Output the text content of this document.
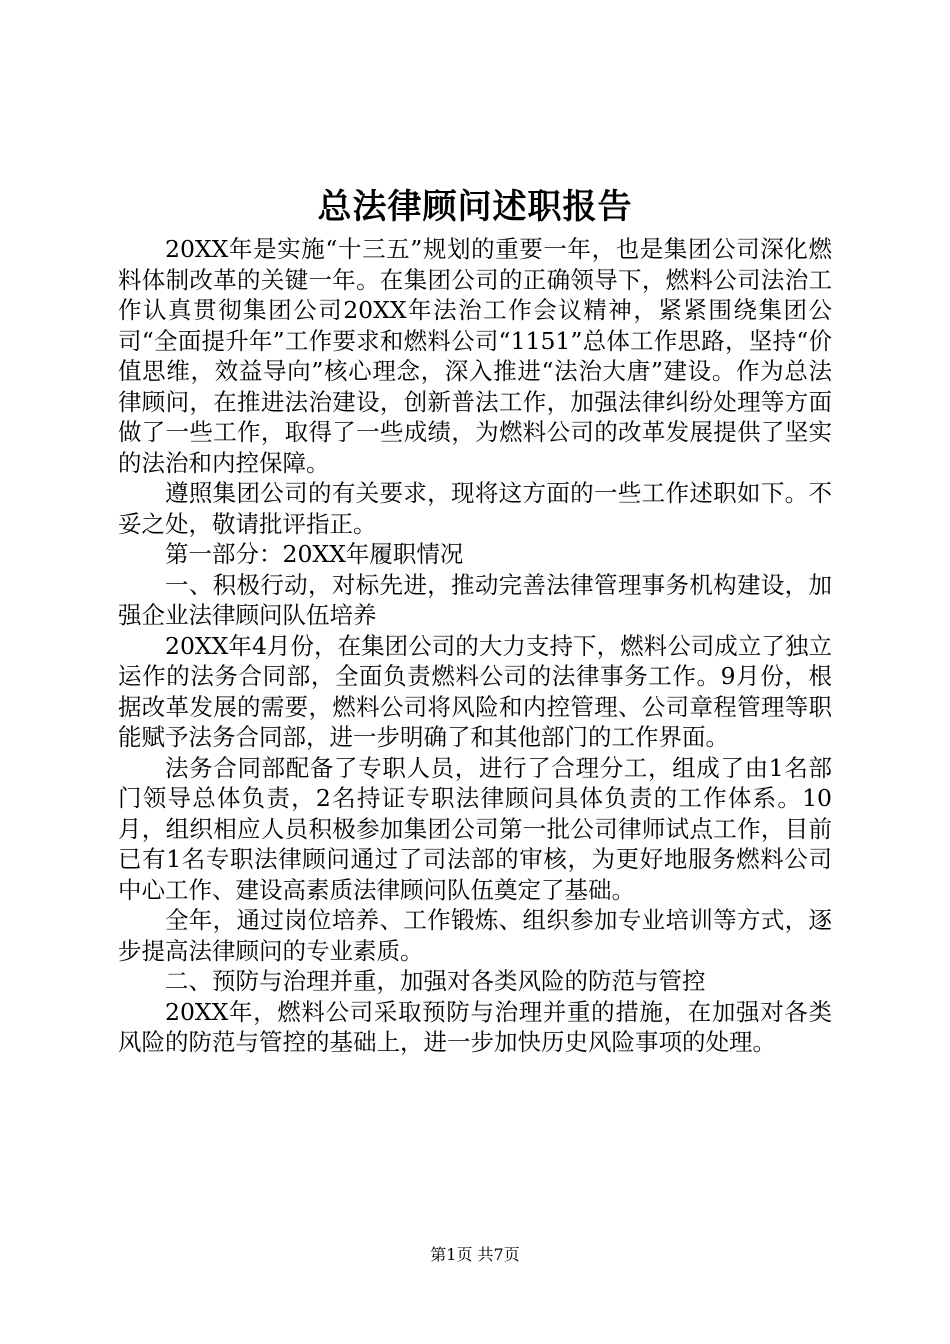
总法律顾问述职报告

20XX年是实施“十三五”规划的重要一年，也是集团公司深化燃料体制改革的关键一年。在集团公司的正确领导下，燃料公司法治工作认真贯彻集团公司20XX年法治工作会议精神，紧紧围绕集团公司“全面提升年”工作要求和燃料公司“1151”总体工作思路，坚持“价值思维，效益导向”核心理念，深入推进“法治大唐”建设。作为总法律顾问，在推进法治建设，创新普法工作，加强法律纠纷处理等方面做了一些工作，取得了一些成绩，为燃料公司的改革发展提供了坚实的法治和内控保障。

遵照集团公司的有关要求，现将这方面的一些工作述职如下。不妥之处，敬请批评指正。

第一部分：20XX年履职情况

一、积极行动，对标先进，推动完善法律管理事务机构建设，加强企业法律顾问队伍培养

20XX年4月份，在集团公司的大力支持下，燃料公司成立了独立运作的法务合同部，全面负责燃料公司的法律事务工作。9月份，根据改革发展的需要，燃料公司将风险和内控管理、公司章程管理等职能赋予法务合同部，进一步明确了和其他部门的工作界面。

法务合同部配备了专职人员，进行了合理分工，组成了由1名部门领导总体负责，2名持证专职法律顾问具体负责的工作体系。10月，组织相应人员积极参加集团公司第一批公司律师试点工作，目前已有1名专职法律顾问通过了司法部的审核，为更好地服务燃料公司中心工作、建设高素质法律顾问队伍奠定了基础。

全年，通过岗位培养、工作锻炼、组织参加专业培训等方式，逐步提高法律顾问的专业素质。

二、预防与治理并重，加强对各类风险的防范与管控

20XX年，燃料公司采取预防与治理并重的措施，在加强对各类风险的防范与管控的基础上，进一步加快历史风险事项的处理。

第1页 共7页
